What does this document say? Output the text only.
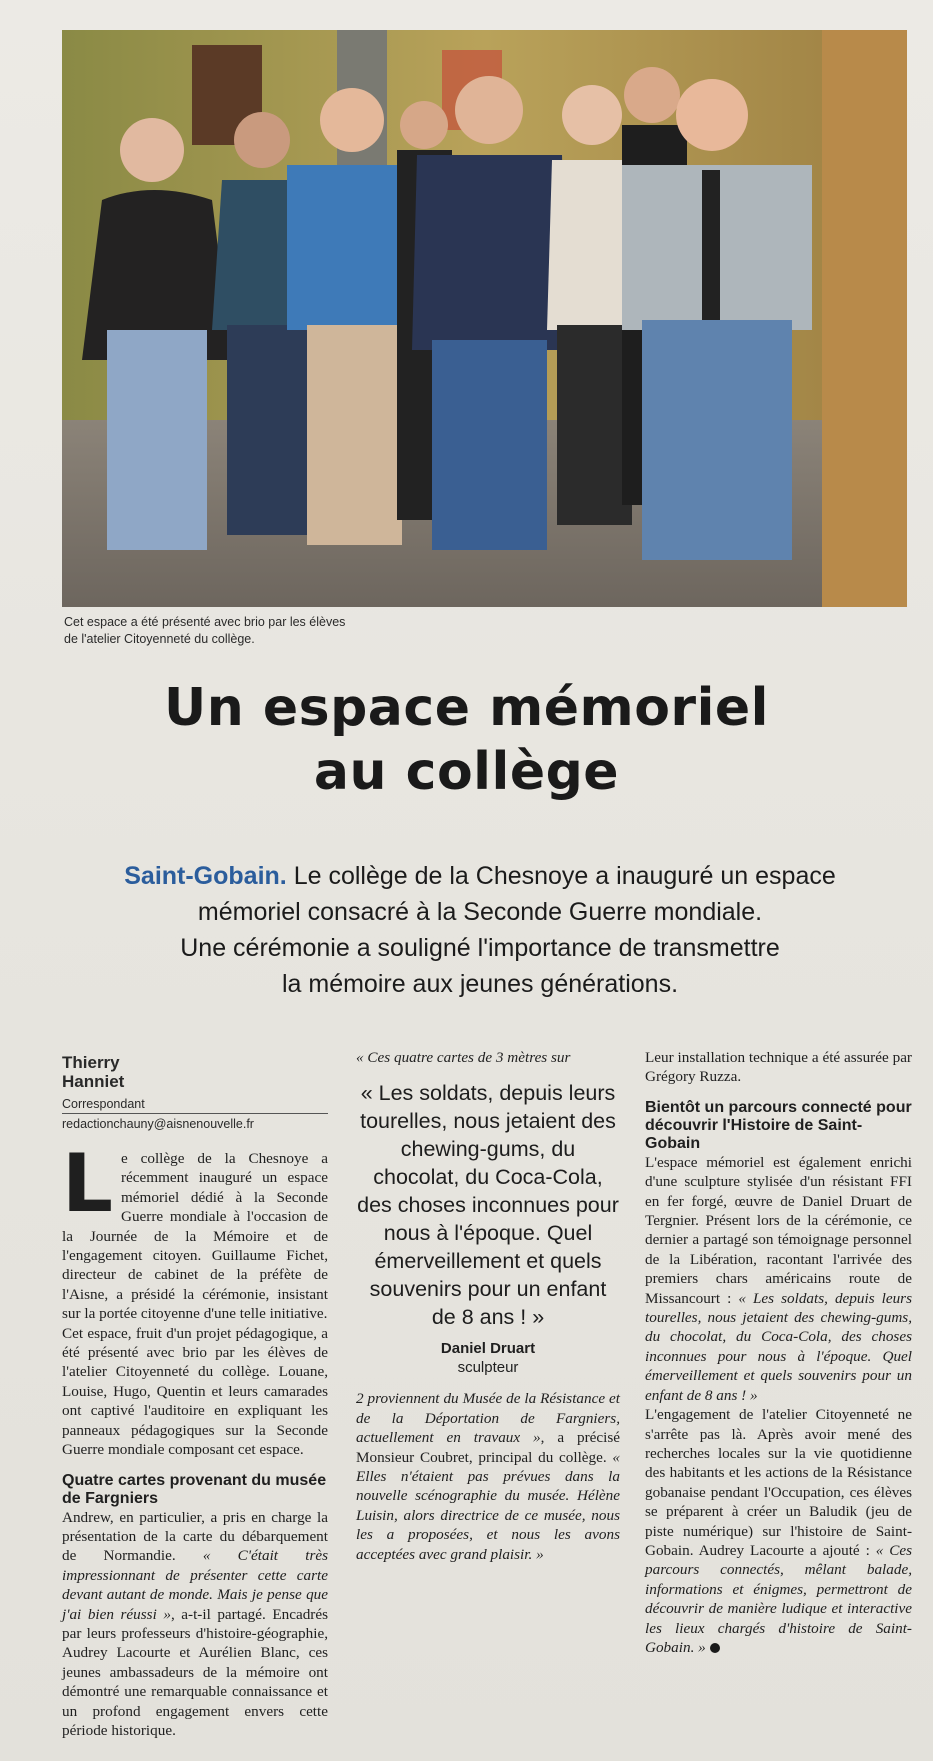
Cet espace a été présenté avec brio par les élèves
de l'atelier Citoyenneté du collège.
Un espace mémoriel
au collège
Saint-Gobain. Le collège de la Chesnoye a inauguré un espace
mémoriel consacré à la Seconde Guerre mondiale.
Une cérémonie a souligné l'importance de transmettre
la mémoire aux jeunes générations.
Thierry
Hanniet
Correspondant
redactionchauny@aisnenouvelle.fr

Le collège de la Chesnoye a récemment inauguré un espace mémoriel dédié à la Seconde Guerre mondiale à l'occasion de la Journée de la Mémoire et de l'engagement citoyen. Guillaume Fichet, directeur de cabinet de la préfète de l'Aisne, a présidé la cérémonie, insistant sur la portée citoyenne d'une telle initiative.

Cet espace, fruit d'un projet pédagogique, a été présenté avec brio par les élèves de l'atelier Citoyenneté du collège. Louane, Louise, Hugo, Quentin et leurs camarades ont captivé l'auditoire en expliquant les panneaux pédagogiques sur la Seconde Guerre mondiale composant cet espace.

Quatre cartes provenant du musée de Fargniers

Andrew, en particulier, a pris en charge la présentation de la carte du débarquement de Normandie. « C'était très impressionnant de présenter cette carte devant autant de monde. Mais je pense que j'ai bien réussi », a-t-il partagé. Encadrés par leurs professeurs d'histoire-géographie, Audrey Lacourte et Aurélien Blanc, ces jeunes ambassadeurs de la mémoire ont démontré une remarquable connaissance et un profond engagement envers cette période historique.

« Ces quatre cartes de 3 mètres sur

« Les soldats, depuis leurs tourelles, nous jetaient des chewing-gums, du chocolat, du Coca-Cola, des choses inconnues pour nous à l'époque. Quel émerveillement et quels souvenirs pour un enfant de 8 ans ! »
Daniel Druart
sculpteur

2 proviennent du Musée de la Résistance et de la Déportation de Fargniers, actuellement en travaux », a précisé Monsieur Coubret, principal du collège. « Elles n'étaient pas prévues dans la nouvelle scénographie du musée. Hélène Luisin, alors directrice de ce musée, nous les a proposées, et nous les avons acceptées avec grand plaisir. »

Leur installation technique a été assurée par Grégory Ruzza.

Bientôt un parcours connecté pour découvrir l'Histoire de Saint-Gobain

L'espace mémoriel est également enrichi d'une sculpture stylisée d'un résistant FFI en fer forgé, œuvre de Daniel Druart de Tergnier. Présent lors de la cérémonie, ce dernier a partagé son témoignage personnel de la Libération, racontant l'arrivée des premiers chars américains route de Missancourt : « Les soldats, depuis leurs tourelles, nous jetaient des chewing-gums, du chocolat, du Coca-Cola, des choses inconnues pour nous à l'époque. Quel émerveillement et quels souvenirs pour un enfant de 8 ans ! »

L'engagement de l'atelier Citoyenneté ne s'arrête pas là. Après avoir mené des recherches locales sur la vie quotidienne des habitants et les actions de la Résistance gobanaise pendant l'Occupation, ces élèves se préparent à créer un Baludik (jeu de piste numérique) sur l'histoire de Saint-Gobain. Audrey Lacourte a ajouté : « Ces parcours connectés, mêlant balade, informations et énigmes, permettront de découvrir de manière ludique et interactive les lieux chargés d'histoire de Saint-Gobain. »
